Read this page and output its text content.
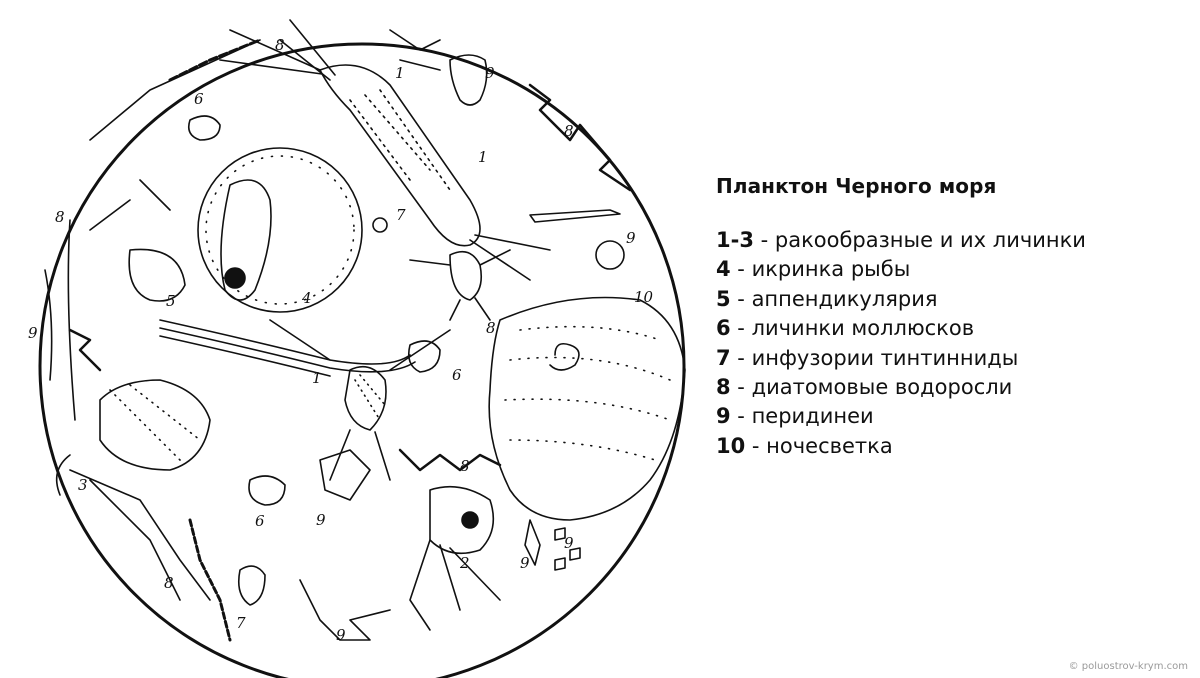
1
1
1
2
3
4
5
6
6
6
7
7
8
8
8
8
8
8
9
9
9
9
9
9
9
10
Планктон Черного моря
1-3 - ракообразные и их личинки
4 - икринка рыбы
5 - аппендикулярия
6 - личинки моллюсков
7 - инфузории тинтинниды
8 - диатомовые водоросли
9 - перидинеи
10 - ночесветка
© poluostrov-krym.com
